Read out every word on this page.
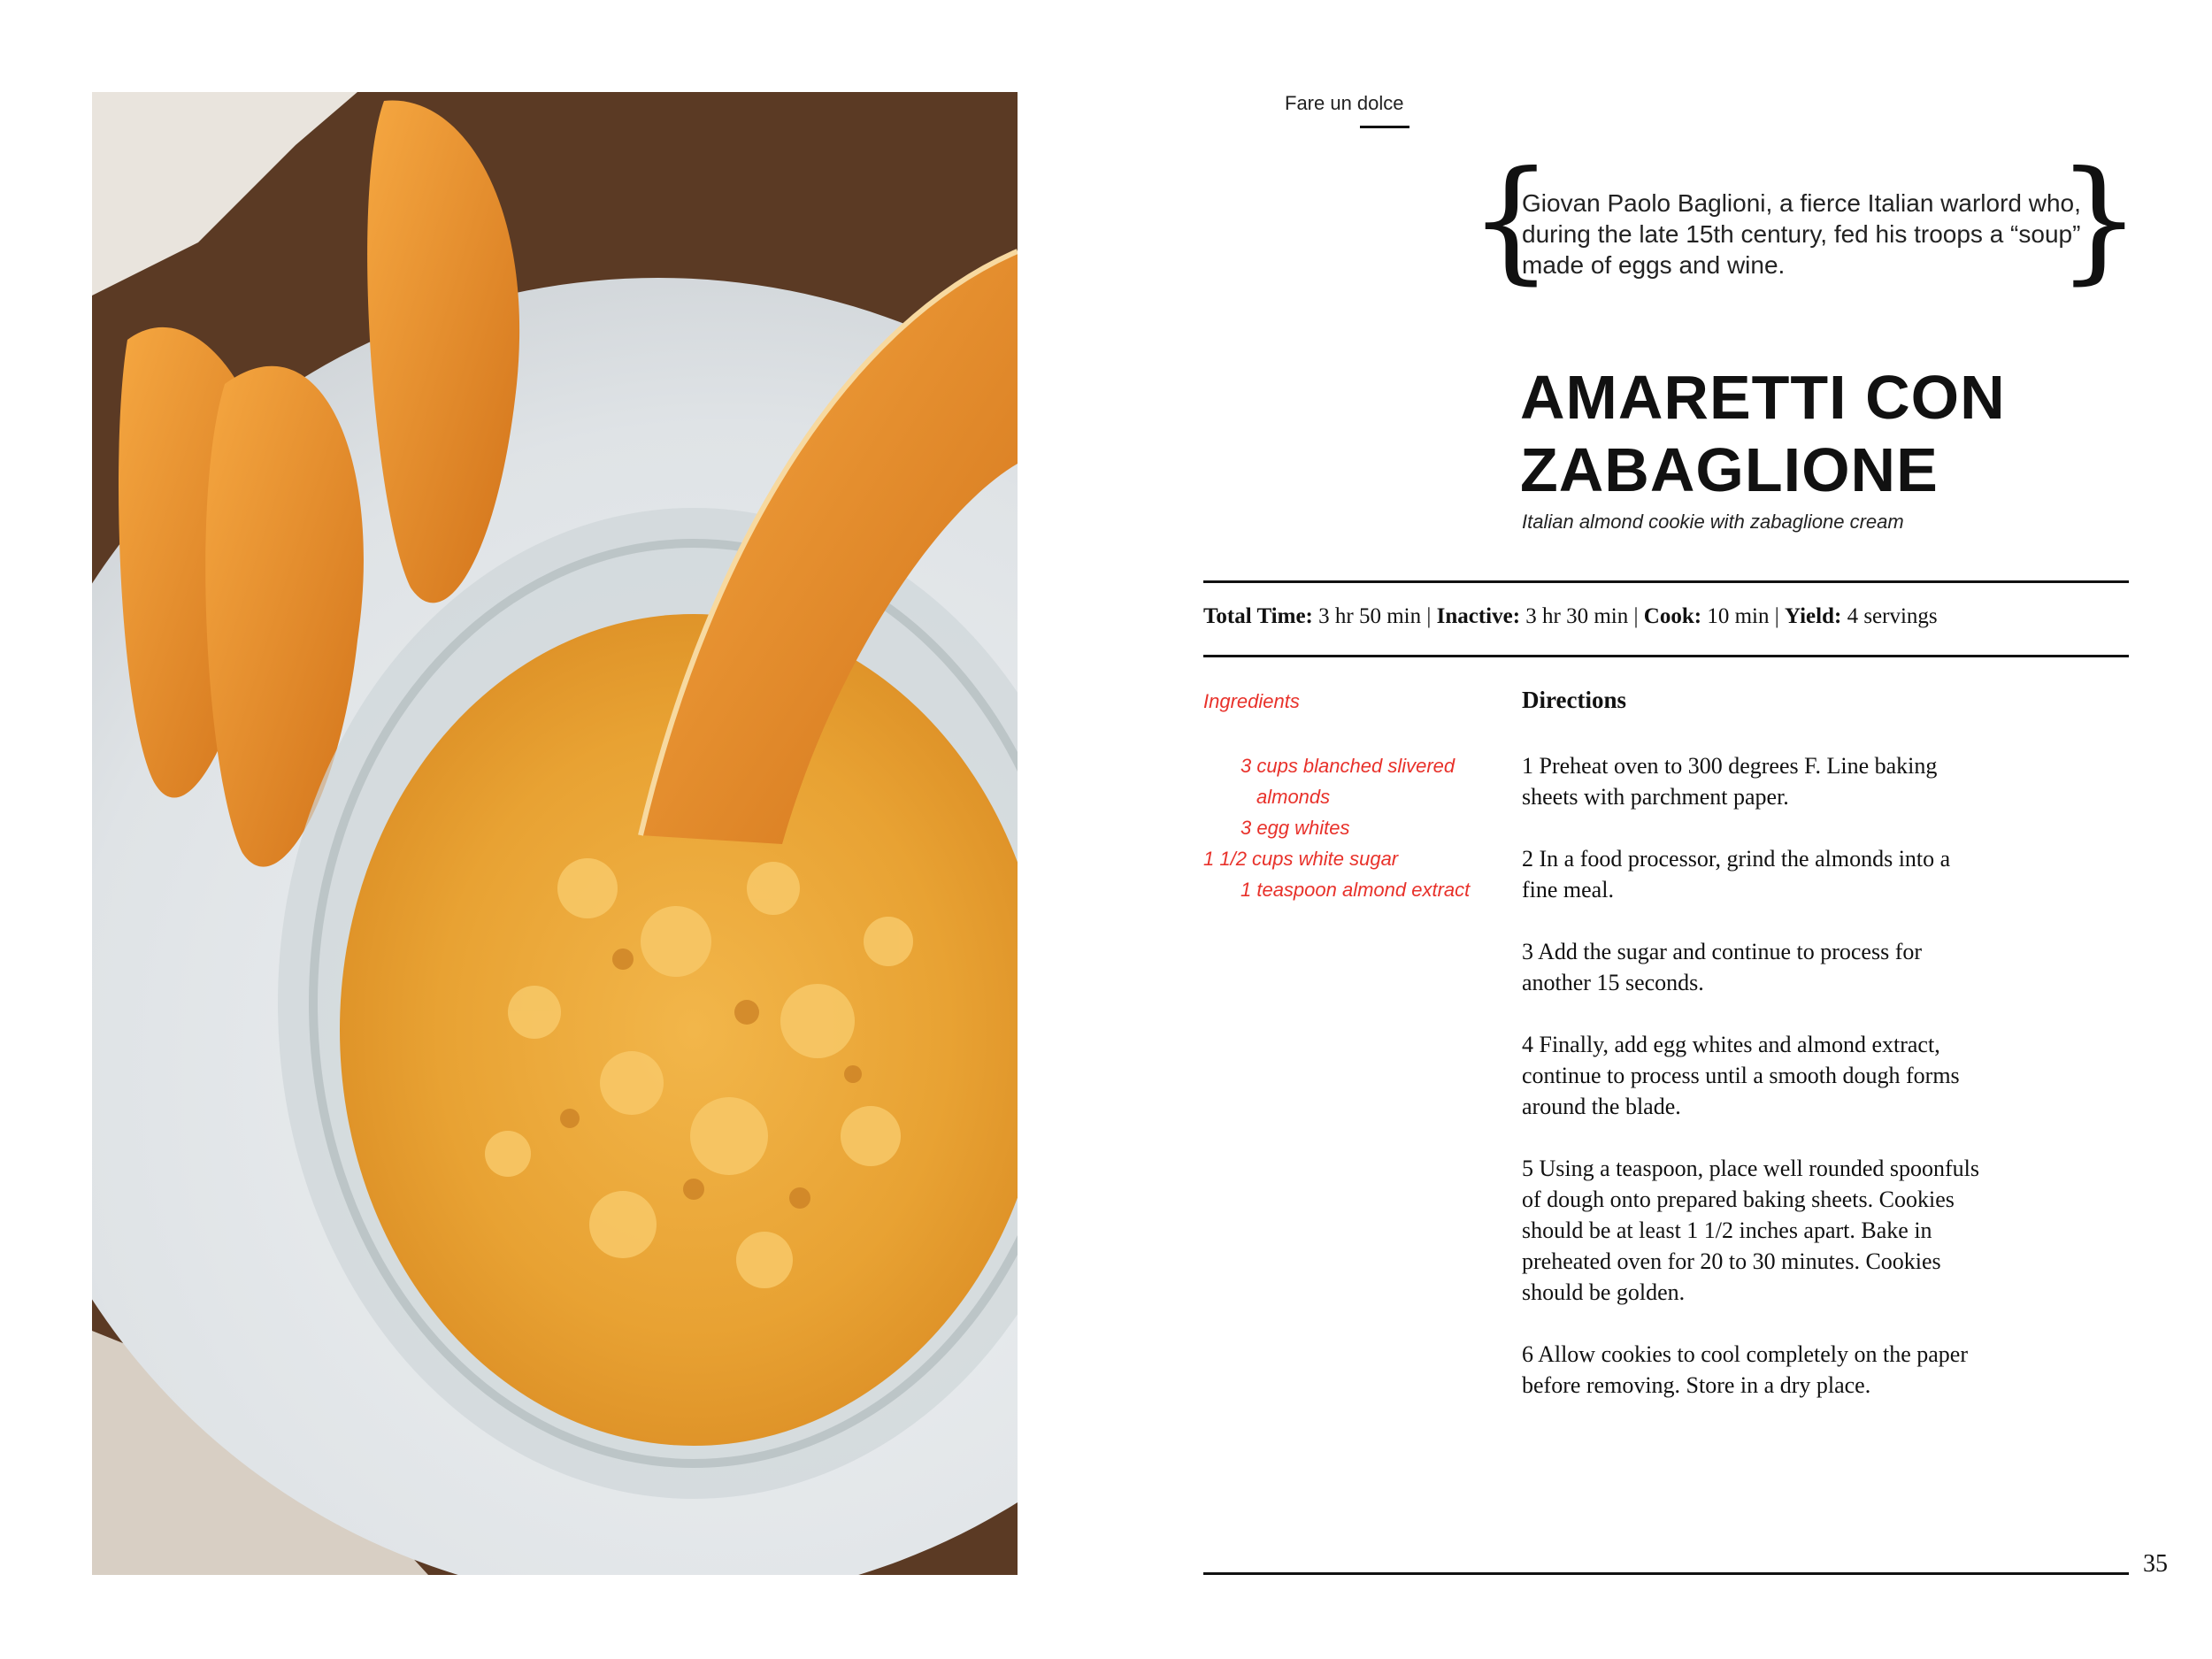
Fare un dolce
{
Giovan Paolo Baglioni, a fierce Italian warlord who, during the late 15th century, fed his troops a “soup” made of eggs and wine.	}
AMARETTI CON
ZABAGLIONE
Italian almond cookie with zabaglione cream
Total Time: 3 hr 50 min | Inactive: 3 hr 30 min | Cook: 10 min | Yield: 4 servings
Ingredients
3 cups blanched slivered
almonds
3 egg whites
1 1/2 cups white sugar
1 teaspoon almond extract
Directions

1 Preheat oven to 300 degrees F. Line baking sheets with parchment paper.

2 In a food processor, grind the almonds into a fine meal.

3 Add the sugar and continue to process for another 15 seconds.

4 Finally, add egg whites and almond extract, continue to process until a smooth dough forms around the blade.

5 Using a teaspoon, place well rounded spoonfuls of dough onto prepared baking sheets. Cookies should be at least 1 1/2 inches apart. Bake in preheated oven for 20 to 30 minutes. Cookies should be golden.

6 Allow cookies to cool completely on the paper before removing. Store in a dry place.

35
